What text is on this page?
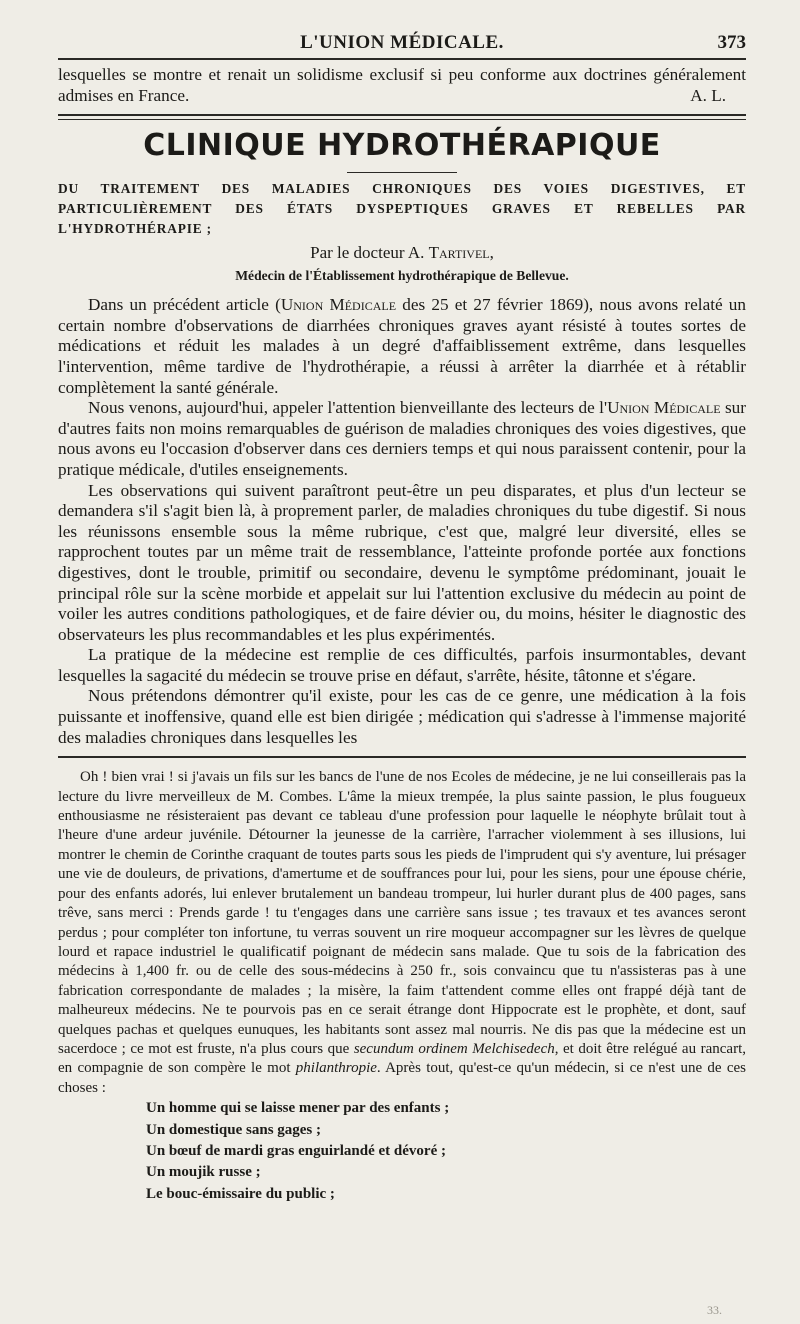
L'UNION MÉDICALE.	373

lesquelles se montre et renait un solidisme exclusif si peu conforme aux doctrines généralement admises en France.	A. L.

CLINIQUE HYDROTHÉRAPIQUE

DU TRAITEMENT DES MALADIES CHRONIQUES DES VOIES DIGESTIVES, ET PARTICULIÈREMENT DES ÉTATS DYSPEPTIQUES GRAVES ET REBELLES PAR L'HYDROTHÉRAPIE ;

Par le docteur A. Tartivel,
Médecin de l'Établissement hydrothérapique de Bellevue.

Dans un précédent article (Union Médicale des 25 et 27 février 1869), nous avons relaté un certain nombre d'observations de diarrhées chroniques graves ayant résisté à toutes sortes de médications et réduit les malades à un degré d'affaiblissement extrême, dans lesquelles l'intervention, même tardive de l'hydrothérapie, a réussi à arrêter la diarrhée et à rétablir complètement la santé générale.

Nous venons, aujourd'hui, appeler l'attention bienveillante des lecteurs de l'Union Médicale sur d'autres faits non moins remarquables de guérison de maladies chroniques des voies digestives, que nous avons eu l'occasion d'observer dans ces derniers temps et qui nous paraissent contenir, pour la pratique médicale, d'utiles enseignements.

Les observations qui suivent paraîtront peut-être un peu disparates, et plus d'un lecteur se demandera s'il s'agit bien là, à proprement parler, de maladies chroniques du tube digestif. Si nous les réunissons ensemble sous la même rubrique, c'est que, malgré leur diversité, elles se rapprochent toutes par un même trait de ressemblance, l'atteinte profonde portée aux fonctions digestives, dont le trouble, primitif ou secondaire, devenu le symptôme prédominant, jouait le principal rôle sur la scène morbide et appelait sur lui l'attention exclusive du médecin au point de voiler les autres conditions pathologiques, et de faire dévier ou, du moins, hésiter le diagnostic des observateurs les plus recommandables et les plus expérimentés.

La pratique de la médecine est remplie de ces difficultés, parfois insurmontables, devant lesquelles la sagacité du médecin se trouve prise en défaut, s'arrête, hésite, tâtonne et s'égare.

Nous prétendons démontrer qu'il existe, pour les cas de ce genre, une médication à la fois puissante et inoffensive, quand elle est bien dirigée ; médication qui s'adresse à l'immense majorité des maladies chroniques dans lesquelles les

Oh ! bien vrai ! si j'avais un fils sur les bancs de l'une de nos Ecoles de médecine, je ne lui conseillerais pas la lecture du livre merveilleux de M. Combes. L'âme la mieux trempée, la plus sainte passion, le plus fougueux enthousiasme ne résisteraient pas devant ce tableau d'une profession pour laquelle le néophyte brûlait tout à l'heure d'une ardeur juvénile. Détourner la jeunesse de la carrière, l'arracher violemment à ses illusions, lui montrer le chemin de Corinthe craquant de toutes parts sous les pieds de l'imprudent qui s'y aventure, lui présager une vie de douleurs, de privations, d'amertume et de souffrances pour lui, pour les siens, pour une épouse chérie, pour des enfants adorés, lui enlever brutalement un bandeau trompeur, lui hurler durant plus de 400 pages, sans trêve, sans merci : Prends garde ! tu t'engages dans une carrière sans issue ; tes travaux et tes avances seront perdus ; pour compléter ton infortune, tu verras souvent un rire moqueur accompagner sur les lèvres de quelque lourd et rapace industriel le qualificatif poignant de médecin sans malade. Que tu sois de la fabrication des médecins à 1,400 fr. ou de celle des sous-médecins à 250 fr., sois convaincu que tu n'assisteras pas à une fabrication correspondante de malades ; la misère, la faim t'attendent comme elles ont frappé déjà tant de malheureux médecins. Ne te pourvois pas en ce serait étrange dont Hippocrate est le prophète, et dont, sauf quelques pachas et quelques eunuques, les habitants sont assez mal nourris. Ne dis pas que la médecine est un sacerdoce ; ce mot est fruste, n'a plus cours que secundum ordinem Melchisedech, et doit être relégué au rancart, en compagnie de son compère le mot philanthropie. Après tout, qu'est-ce qu'un médecin, si ce n'est une de ces choses :

Un homme qui se laisse mener par des enfants ;
Un domestique sans gages ;
Un bœuf de mardi gras enguirlandé et dévoré ;
Un moujik russe ;
Le bouc-émissaire du public ;
33.
